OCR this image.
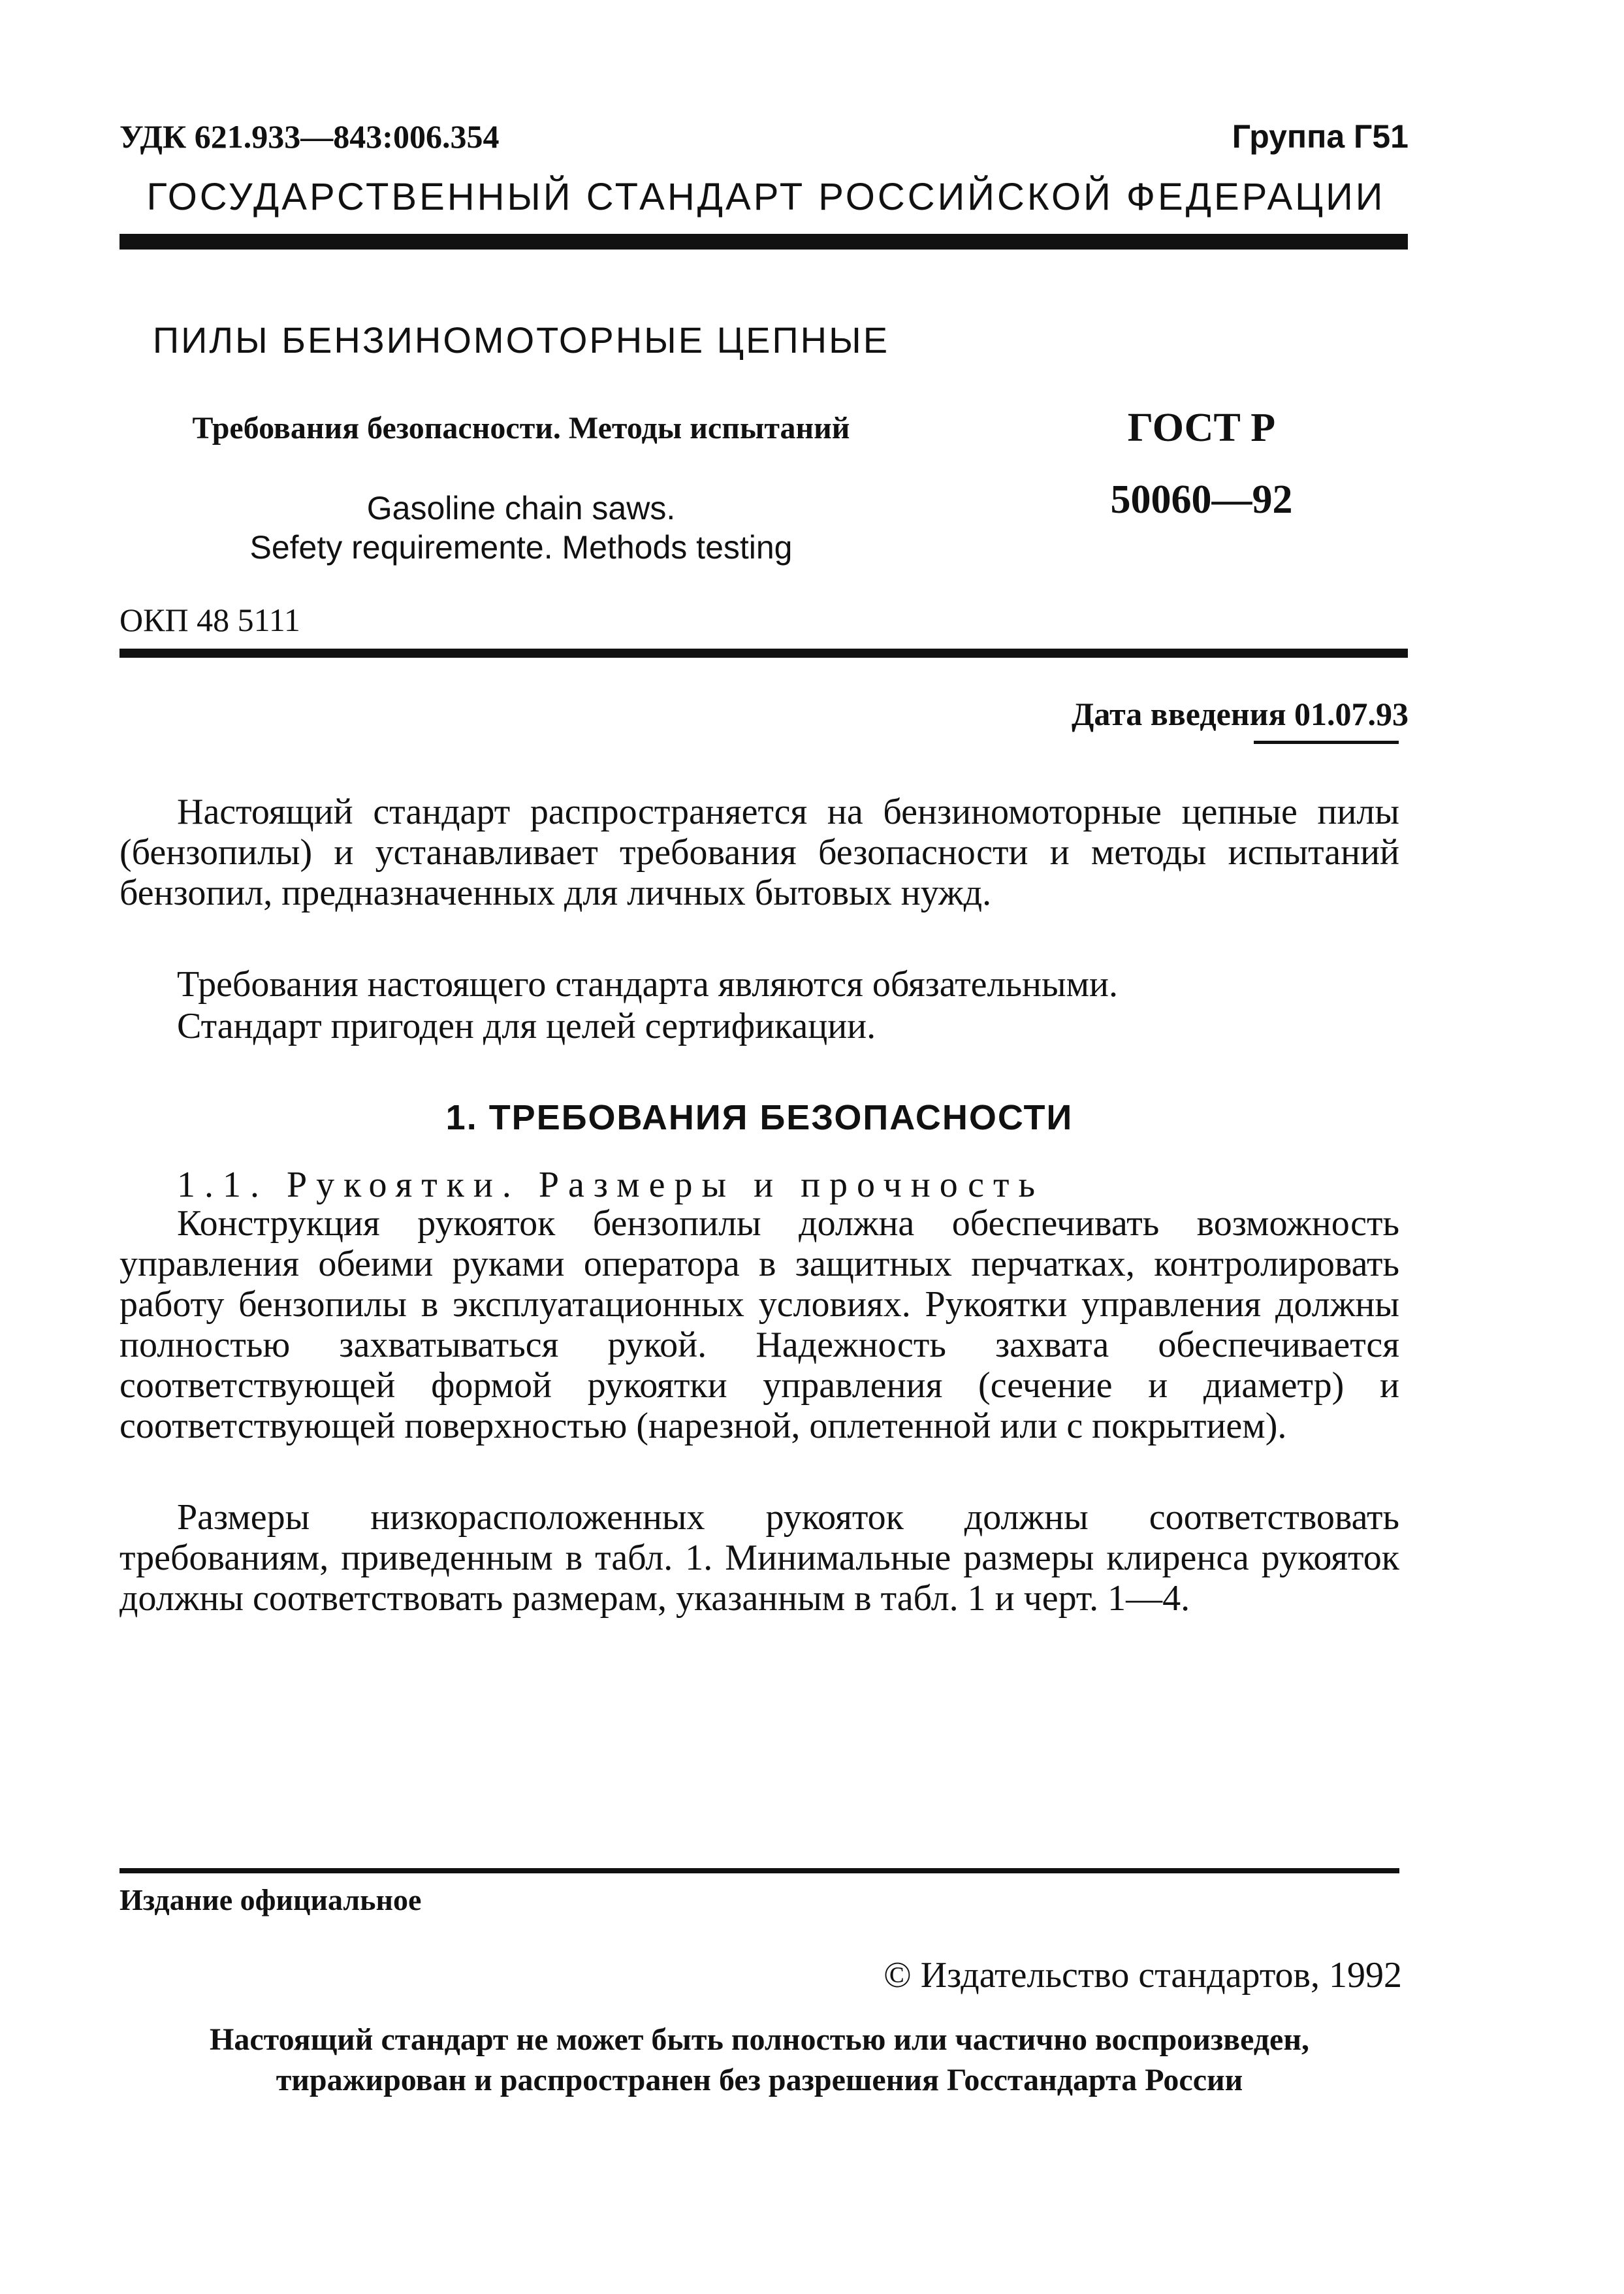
УДК 621.933—843:006.354	Группа Г51
ГОСУДАРСТВЕННЫЙ СТАНДАРТ РОССИЙСКОЙ ФЕДЕРАЦИИ
ПИЛЫ БЕНЗИНОМОТОРНЫЕ ЦЕПНЫЕ
Требования безопасности. Методы испытаний
Gasoline chain saws.
Sefety requiremente. Methods testing
ГОСТ Р
50060—92
ОКП 48 5111
Дата введения 01.07.93
Настоящий стандарт распространяется на бензиномоторные цепные пилы (бензопилы) и устанавливает требования безопасности и методы испытаний бензопил, предназначенных для личных бытовых нужд.
Требования настоящего стандарта являются обязательными.
Стандарт пригоден для целей сертификации.
1. ТРЕБОВАНИЯ БЕЗОПАСНОСТИ
1.1. Рукоятки. Размеры и прочность
Конструкция рукояток бензопилы должна обеспечивать возможность управления обеими руками оператора в защитных перчатках, контролировать работу бензопилы в эксплуатационных условиях. Рукоятки управления должны полностью захватываться рукой. Надежность захвата обеспечивается соответствующей формой рукоятки управления (сечение и диаметр) и соответствующей поверхностью (нарезной, оплетенной или с покрытием).
Размеры низкорасположенных рукояток должны соответствовать требованиям, приведенным в табл. 1. Минимальные размеры клиренса рукояток должны соответствовать размерам, указанным в табл. 1 и черт. 1—4.
Издание официальное
© Издательство стандартов, 1992
Настоящий стандарт не может быть полностью или частично воспроизведен,
тиражирован и распространен без разрешения Госстандарта России
